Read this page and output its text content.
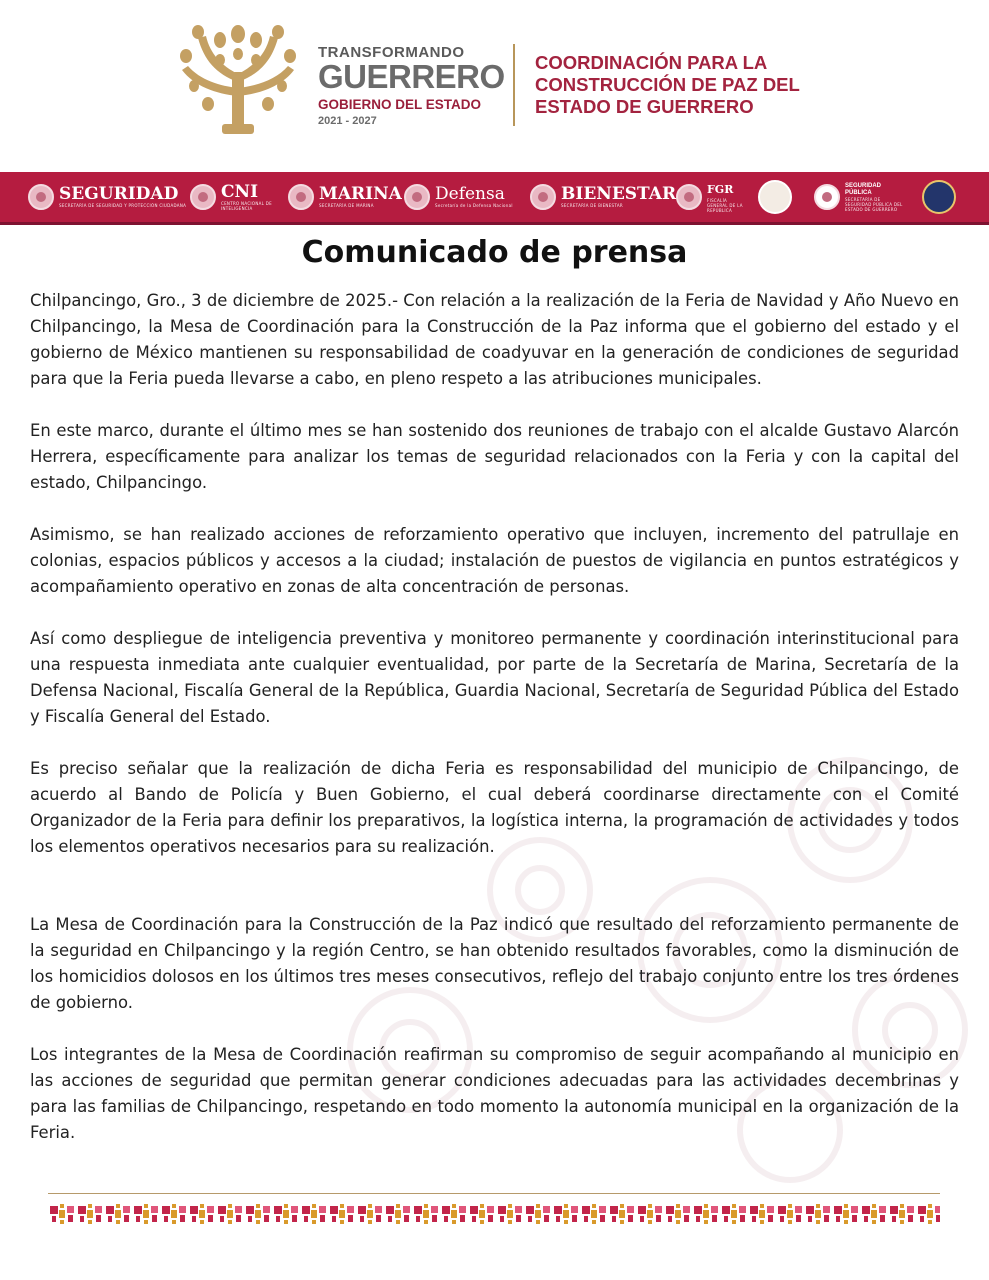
TRANSFORMANDO
GUERRERO
GOBIERNO DEL ESTADO
2021 - 2027
COORDINACIÓN PARA LA
CONSTRUCCIÓN DE PAZ DEL
ESTADO DE GUERRERO
SEGURIDAD
SECRETARÍA DE SEGURIDAD Y PROTECCIÓN CIUDADANA
CNI
CENTRO NACIONAL DE INTELIGENCIA
MARINA
SECRETARÍA DE MARINA
Defensa
Secretaría de la Defensa Nacional
BIENESTAR
SECRETARÍA DE BIENESTAR
FGR
FISCALÍA GENERAL DE LA REPÚBLICA
SEGURIDAD PÚBLICA
SECRETARÍA DE SEGURIDAD PÚBLICA DEL ESTADO DE GUERRERO
Comunicado de prensa

Chilpancingo, Gro., 3 de diciembre de 2025.- Con relación a la realización de la Feria de Navidad y Año Nuevo en Chilpancingo, la Mesa de Coordinación para la Construcción de la Paz informa que el gobierno del estado y el gobierno de México mantienen su responsabilidad de coadyuvar en la generación de condiciones de seguridad para que la Feria pueda llevarse a cabo, en pleno respeto a las atribuciones municipales.

En este marco, durante el último mes se han sostenido dos reuniones de trabajo con el alcalde Gustavo Alarcón Herrera, específicamente para analizar los temas de seguridad relacionados con la Feria y con la capital del estado, Chilpancingo.

Asimismo, se han realizado acciones de reforzamiento operativo que incluyen, incremento del patrullaje en colonias, espacios públicos y accesos a la ciudad; instalación de puestos de vigilancia en puntos estratégicos y acompañamiento operativo en zonas de alta concentración de personas.

Así como despliegue de inteligencia preventiva y monitoreo permanente y coordinación interinstitucional para una respuesta inmediata ante cualquier eventualidad, por parte de la Secretaría de Marina, Secretaría de la Defensa Nacional, Fiscalía General de la República, Guardia Nacional, Secretaría de Seguridad Pública del Estado y Fiscalía General del Estado.

Es preciso señalar que la realización de dicha Feria es responsabilidad del municipio de Chilpancingo, de acuerdo al Bando de Policía y Buen Gobierno, el cual deberá coordinarse directamente con el Comité Organizador de la Feria para definir los preparativos, la logística interna, la programación de actividades y todos los elementos operativos necesarios para su realización.

La Mesa de Coordinación para la Construcción de la Paz indicó que resultado del reforzamiento permanente de la seguridad en Chilpancingo y la región Centro, se han obtenido resultados favorables, como la disminución de los homicidios dolosos en los últimos tres meses consecutivos, reflejo del trabajo conjunto entre los tres órdenes de gobierno.

Los integrantes de la Mesa de Coordinación reafirman su compromiso de seguir acompañando al municipio en las acciones de seguridad que permitan generar condiciones adecuadas para las actividades decembrinas y para las familias de Chilpancingo, respetando en todo momento la autonomía municipal en la organización de la Feria.
